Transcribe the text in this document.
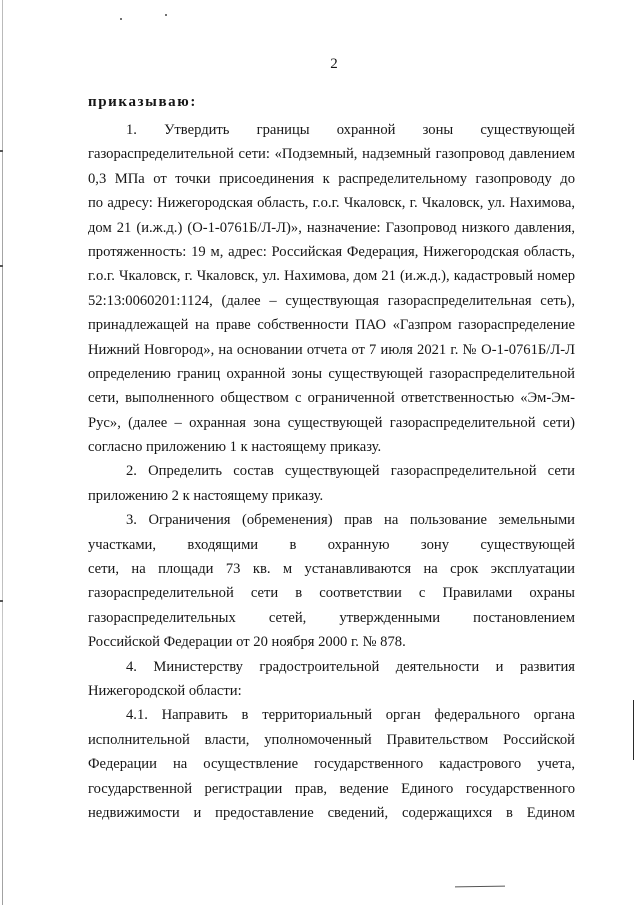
2
приказываю:
1. Утвердить границы охранной зоны существующей
газораспределительной сети: «Подземный, надземный газопровод давлением
0,3 МПа от точки присоединения к распределительному газопроводу до
по адресу: Нижегородская область, г.о.г. Чкаловск, г. Чкаловск, ул. Нахимова,
дом 21 (и.ж.д.) (О-1-0761Б/Л-Л)», назначение: Газопровод низкого давления,
протяженность: 19 м, адрес: Российская Федерация, Нижегородская область,
г.о.г. Чкаловск, г. Чкаловск, ул. Нахимова, дом 21 (и.ж.д.), кадастровый номер
52:13:0060201:1124, (далее – существующая газораспределительная сеть),
принадлежащей на праве собственности ПАО «Газпром газораспределение
Нижний Новгород», на основании отчета от 7 июля 2021 г. № О-1-0761Б/Л-Л
определению границ охранной зоны существующей газораспределительной
сети, выполненного обществом с ограниченной ответственностью «Эм-Эм-
Рус», (далее – охранная зона существующей газораспределительной сети)
согласно приложению 1 к настоящему приказу.
2. Определить состав существующей газораспределительной сети
приложению 2 к настоящему приказу.
3. Ограничения (обременения) прав на пользование земельными
участками, входящими в охранную зону существующей
сети, на площади 73 кв. м устанавливаются на срок эксплуатации
газораспределительной сети в соответствии с Правилами охраны
газораспределительных сетей, утвержденными постановлением
Российской Федерации от 20 ноября 2000 г. № 878.
4. Министерству градостроительной деятельности и развития
Нижегородской области:
4.1. Направить в территориальный орган федерального органа
исполнительной власти, уполномоченный Правительством Российской
Федерации на осуществление государственного кадастрового учета,
государственной регистрации прав, ведение Единого государственного
недвижимости и предоставление сведений, содержащихся в Едином
